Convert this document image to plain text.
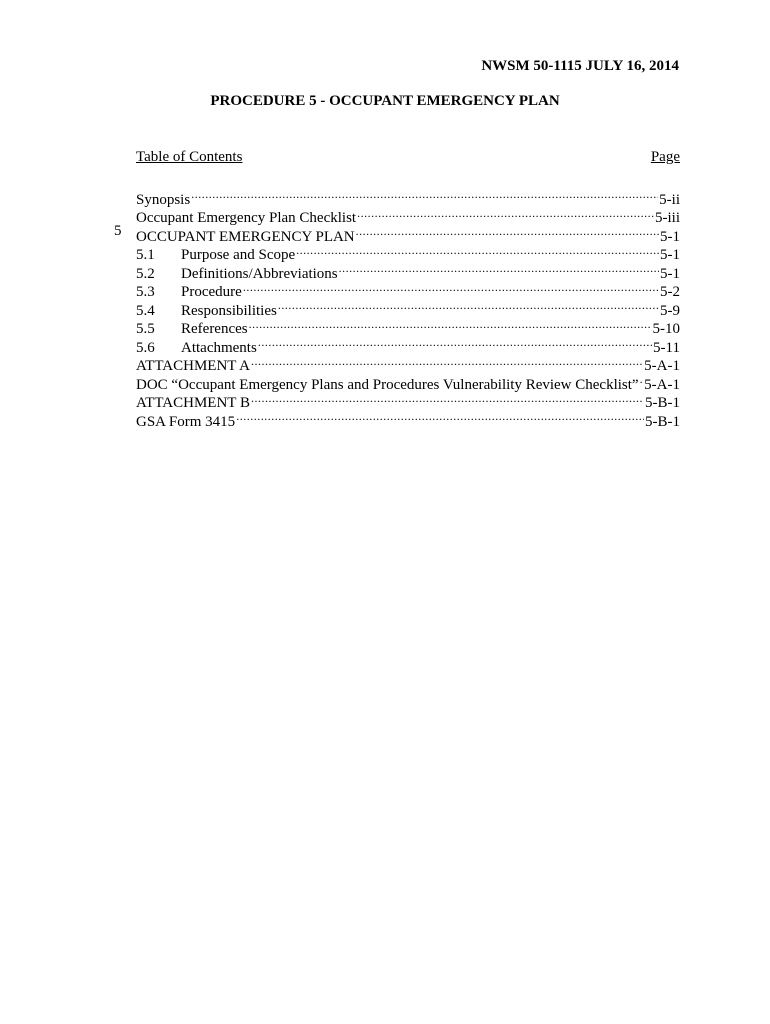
NWSM 50-1115 JULY 16, 2014
PROCEDURE 5 - OCCUPANT EMERGENCY PLAN
Table of Contents	Page
Synopsis .....	5-ii
Occupant Emergency Plan Checklist .....	5-iii
5 OCCUPANT EMERGENCY PLAN .....	5-1
5.1	Purpose and Scope .....	5-1
5.2	Definitions/Abbreviations .....	5-1
5.3	Procedure .....	5-2
5.4	Responsibilities .....	5-9
5.5	References .....	5-10
5.6	Attachments .....	5-11
ATTACHMENT A .....	5-A-1
DOC “Occupant Emergency Plans and Procedures Vulnerability Review Checklist” ..... 5-A-1
ATTACHMENT B .....	5-B-1
GSA Form 3415 .....	5-B-1
